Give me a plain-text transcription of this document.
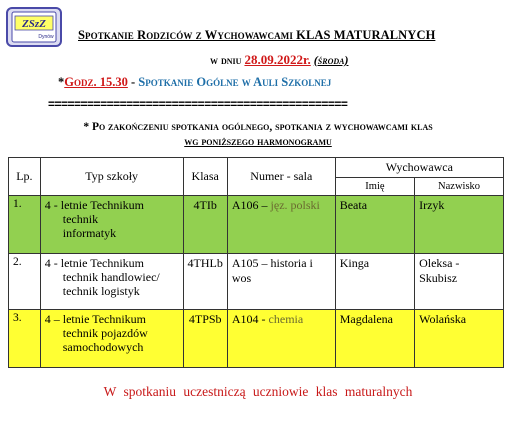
ZSzZ
Dynów Spotkanie Rodziców z Wychowawcami KLAS MATURALNYCH
w dniu 28.09.2022r. (środa)
*Godz. 15.30 - Spotkanie Ogólne w Auli Szkolnej
==============================================
* Po zakończeniu spotkania ogólnego, spotkania z wychowawcami klas
wg poniższego harmonogramu
Lp.	Typ szkoły	Klasa	Numer - sala	Wychowawca	
				Imię	Nazwisko
1.	4 - letnie Technikum
technik
informatyk	4TIb	A106 – jęz. polski	Beata	Irzyk
2.	4 - letnie Technikum
technik handlowiec/
technik logistyk	4THLb	A105 – historia i
wos	Kinga	Oleksa -
Skubisz
3.	4 – letnie Technikum
technik pojazdów
samochodowych	4TPSb	A104 - chemia	Magdalena	Wolańska
W spotkaniu uczestniczą uczniowie klas maturalnych
